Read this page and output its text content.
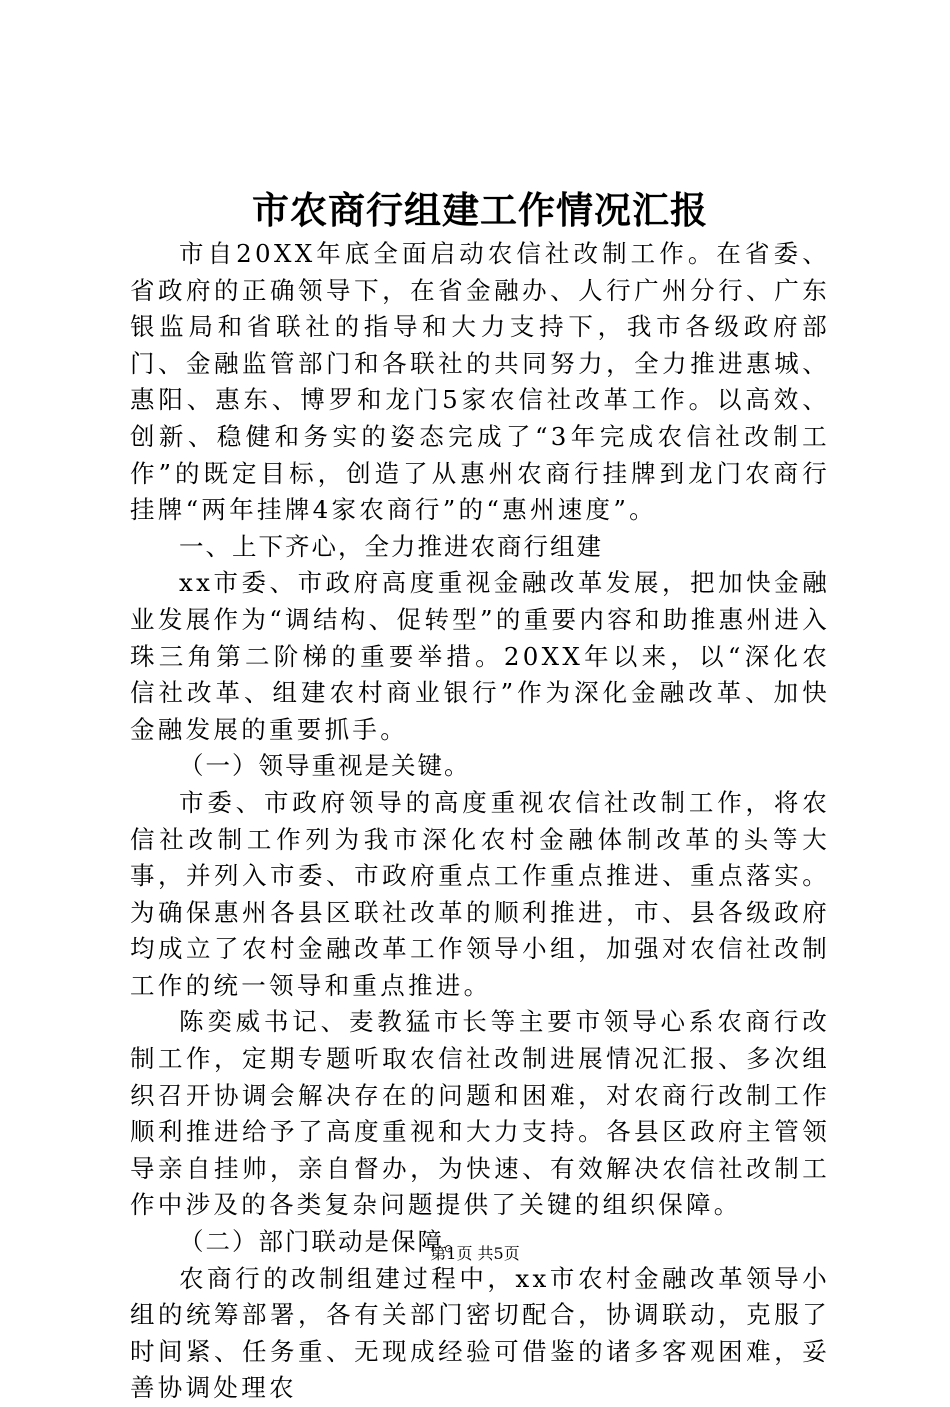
市农商行组建工作情况汇报

市自20XX年底全面启动农信社改制工作。在省委、省政府的正确领导下，在省金融办、人行广州分行、广东银监局和省联社的指导和大力支持下，我市各级政府部门、金融监管部门和各联社的共同努力，全力推进惠城、惠阳、惠东、博罗和龙门5家农信社改革工作。以高效、创新、稳健和务实的姿态完成了“3年完成农信社改制工作”的既定目标，创造了从惠州农商行挂牌到龙门农商行挂牌“两年挂牌4家农商行”的“惠州速度”。

一、上下齐心，全力推进农商行组建

xx市委、市政府高度重视金融改革发展，把加快金融业发展作为“调结构、促转型”的重要内容和助推惠州进入珠三角第二阶梯的重要举措。20XX年以来，以“深化农信社改革、组建农村商业银行”作为深化金融改革、加快金融发展的重要抓手。

（一）领导重视是关键。

市委、市政府领导的高度重视农信社改制工作，将农信社改制工作列为我市深化农村金融体制改革的头等大事，并列入市委、市政府重点工作重点推进、重点落实。为确保惠州各县区联社改革的顺利推进，市、县各级政府均成立了农村金融改革工作领导小组，加强对农信社改制工作的统一领导和重点推进。

陈奕威书记、麦教猛市长等主要市领导心系农商行改制工作，定期专题听取农信社改制进展情况汇报、多次组织召开协调会解决存在的问题和困难，对农商行改制工作顺利推进给予了高度重视和大力支持。各县区政府主管领导亲自挂帅，亲自督办，为快速、有效解决农信社改制工作中涉及的各类复杂问题提供了关键的组织保障。

（二）部门联动是保障。

农商行的改制组建过程中，xx市农村金融改革领导小组的统筹部署，各有关部门密切配合，协调联动，克服了时间紧、任务重、无现成经验可借鉴的诸多客观困难，妥善协调处理农

第1页 共5页
